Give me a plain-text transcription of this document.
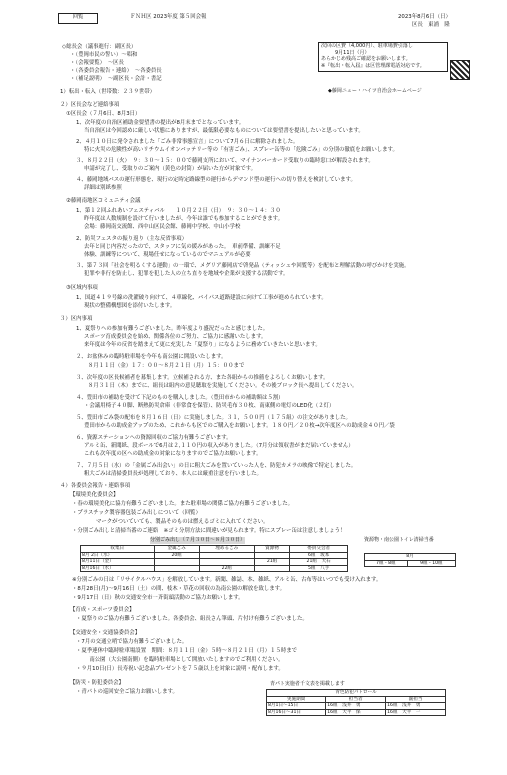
回覧	ＦＮＨ区 2023年度 第５回会報	2023年8月6日（日）
区長　東浦　隆
次回の区費（4,000円）、駐車場費引落し
9月11日（月）
あらかじめ残高ご確認をお願いします。
※『転出・転入届』は区管理課電話対応です。
◆藤岡ニュー・ハイツ自治会ホームページ
◇総長会（議事進行：副区長）
・（豊岡市民の誓い）〜唱和
・（会報要覧）　〜区長
・（各委員会報告・連絡）　〜各委員長
・（補足説明）　〜副区長・会計・書記
1）転出・転入（世帯数：２３９世帯）
２）区長会など連絡事項
①区長会（７月6日、8月3日）
1、次年度の自治区補助金要望書の提出が8月末までとなっています。
当自治区は今回認めに厳しい状態にありますが、最低限必要なものについては要望書を提出したいと思っています。
2、４月１０日に発令されました「ごみ非常事態宣言」について7月６日に解除されました。
特に火災の危険性が高いリチウムイオンバッテリー等の「有害ごみ」、スプレー缶等の「危険ごみ」の分別の徹底をお願いします。
３、８月２２日（火）　９：３０〜１５：００で藤岡支所において、マイナンバーカード受取りの臨時窓口が解設されます。
申請が完了し、受取りのご案内（黄色の封筒）が届いた方が対象です。
４、藤岡地域バスの運行形態を、現行の定時定路線型の運行からデマンド型の運行への切り替えを検討しています。
詳細は別紙参照
②藤岡南地区コミュニティ会議
1、第１２回ふれあいフェスティバル　　１０月２２日（日）　９：３０〜１４：３０
昨年度は人数規制を設けて行いましたが、今年は誰でも参加することができます。
会場：藤岡南交流館、西中山区民会館、藤岡中学校、中山小学校
2、防災フェスタの振り返り（主な反省事項）
去年と同じ内容だったので、スタッフに気の緩みがあった。　車前準備、訓練不足
体験、訓練等について、現場任せになっているのでマニュアルが必要
３、第７３回「社会を明るくする運動」の一環で、メグリア藤岡店で啓発品（ティッシュや回覧等）を配布と理解活動の呼びかけを実施。
犯罪や非行を防止し、犯罪を犯した人の立ち直りを地域や企業が支援する活動です。
③区域内事項
1、国道４１９号線の洗濯破り向けて、４車線化、バイパス道路建設に向けて工事が進められています。
現状の整備構想図を添付いたします。
３）区内事項
1、夏祭りへの参加有難うございました。昨年度より盛況だったと感じました。
スポーツ育成委員会を始め、関係各位のご努力、ご協力に感謝いたします。
来年度は今年の反省を踏まえて更に充実した「夏祭り」になるように務めていきたいと思います。
２、お盆休みの臨時駐車場を今年も南公園に開設いたします。
８月１１日（金）１７：００〜８月２１日（月）１５：００まで
３、次年度の区長候補者を募集します。立候補される方、また各組からの推薦をよろしくお願いします。
８月３１日（木）までに、組長は組内の意見聴取を実施してください。その後ブロック長へ提出してください。
４、豊田市の補助を受けて下記のものを購入しました。（豊田市からの補助額は５割）
・会議用椅子４０脚、断熱防災倉庫（非常食を保管）、防災毛布３０枚、南東側の電灯のLED化（２灯）
５、豊田市ごみ袋の配布を８月１６日（日）に実施しました。３１，５００円（１７５組）の注文がありました。
豊田市からの助成金アップのため、これからも区でのご購入をお願いします。１８０円／２０枚→次年度区への助成金４０円／袋
６、資源ステーションへの資源回収のご協力有難うございます。
アルミ缶、新聞紙、段ボールで6月は２,１１０円の収入がありました。（7月分は領収書がまだ届いていません）
これも次年度の区への助成金の対象になりますのでご協力お願いします。
７、７月５日（水）の「金属ごみ出会い」の日に粗大ごみを置いていった人を、防犯カメラの映像で特定しました。
粗大ごみは清掃委員長が処理しており、本人には厳重注意を行いました。
４）各委員会報告・連絡事項
【環境美化委員会】
・春の環境美化に協力有難うございました。また駐車場の関係ご協力有難うございました。
・プラスチック製容器包装ごみ出しについて（回覧）
マークがついていても、製品そのものは燃えるゴミに入れてください。
・分別ごみ出しと清掃当番のご連絡　※ゴミ分別方法に間違いが見られます。特にスプレー缶は注意しましょう！
分別ごみ出し（７月３０日〜８月３０日）
収集日	金属ごみ	埋めるごみ	資源物	委員交会者
8月 2日（水）	20組			6組　坂本
8月11日（金）			21組	21組　大石
8月16日（水）		22組		5組　八手
資源物・南公園トイレ清掃当番
8月
7組・8組	9組・10組
※分別ごみの日は「リサイクルハウス」を解放しています。新聞、雑誌、本、雑紙、アルミ缶、古布等はいつでも受け入れます。
・8月28日(月)〜9月16日（土）の間、枝木・草花の回収の為南公園の解放を致します。
・9月17日（日）秋の交通安全市一斉街頭活動のご協力お願いします。
【育成・スポーツ委員会】
・夏祭りのご協力有難うございました。各委員会、組長さん筆頭、片付け有難うございました。
【交通安全・交通協委員会】
・7月の交通立哨で協力有難うございました。
・夏季連休中臨時駐車場設置　期間：８月１１日（金）５時〜８月２１日（月）１５時まで
　南公園（大公園南側）を臨時駐車場として開放いたしますのでご利用ください。
・９月10日(日）長寿祝い記念品プレゼントを７５歳以上を対象に説明・配布します。
【防災・防犯委員会】
・青パトの巡回安全ご協力お願いします。
青パト実施者千文表を掲載します
青色防犯パトロール		
実施期間	担当者	副担当
8月1日〜15日	16組　浅井　勇	16組　浅井　勇
8月16日〜31日	16組　大平　保	16組　大平　一
